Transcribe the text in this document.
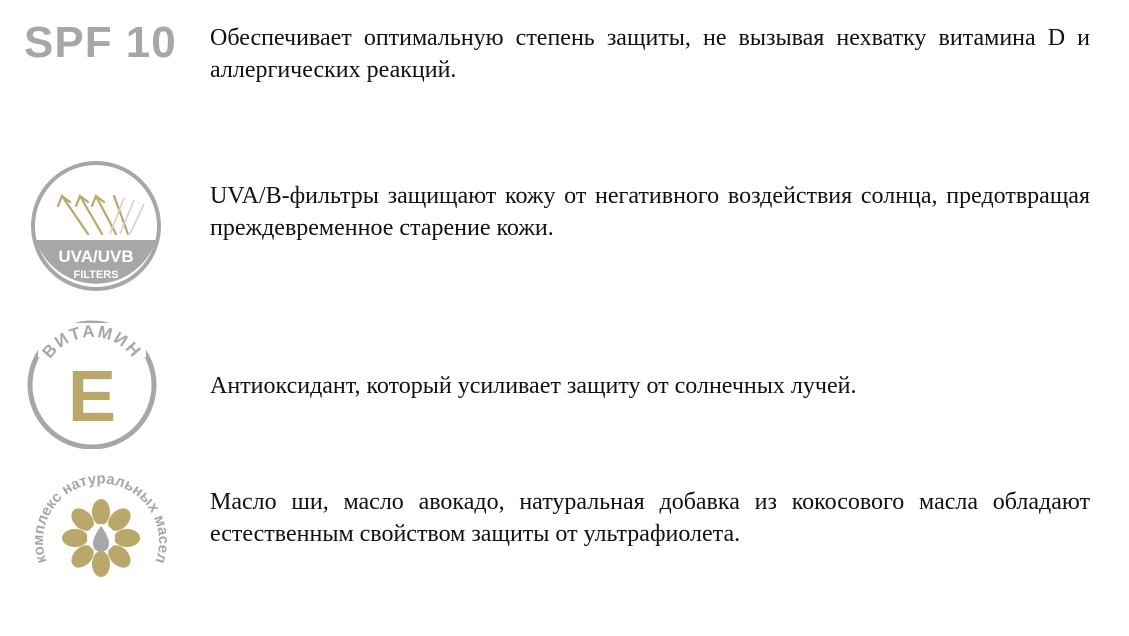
SPF 10 Обеспечивает оптимальную степень защиты, не вызывая нехватку витамина D и аллергических реакций.
UVA/UVB
FILTERS
UVA/B-фильтры защищают кожу от негативного воздействия солнца, предотвращая преждевременное старение кожи.
ВИТАМИН
E	Антиоксидант, который усиливает защиту от солнечных лучей.
комплекс натуральных масел
Масло ши, масло авокадо, натуральная добавка из кокосового масла обладают естественным свойством защиты от ультрафиолета.
